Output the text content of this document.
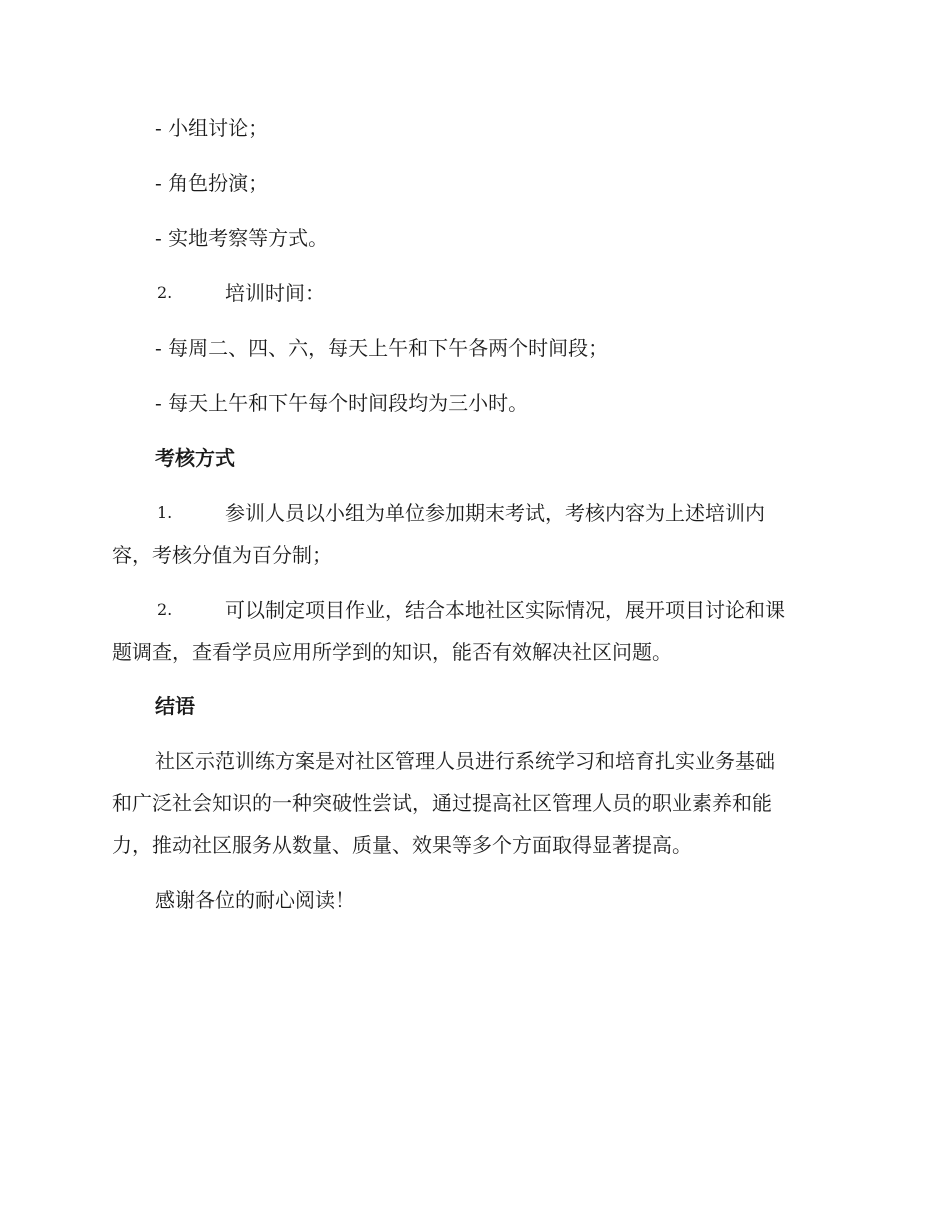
- 小组讨论；
- 角色扮演；
- 实地考察等方式。
2.	培训时间：
- 每周二、四、六，每天上午和下午各两个时间段；
- 每天上午和下午每个时间段均为三小时。
考核方式
1.	参训人员以小组为单位参加期末考试，考核内容为上述培训内
容，考核分值为百分制；
2.	可以制定项目作业，结合本地社区实际情况，展开项目讨论和课
题调查，查看学员应用所学到的知识，能否有效解决社区问题。
结语
社区示范训练方案是对社区管理人员进行系统学习和培育扎实业务基础
和广泛社会知识的一种突破性尝试，通过提高社区管理人员的职业素养和能
力，推动社区服务从数量、质量、效果等多个方面取得显著提高。
感谢各位的耐心阅读！
